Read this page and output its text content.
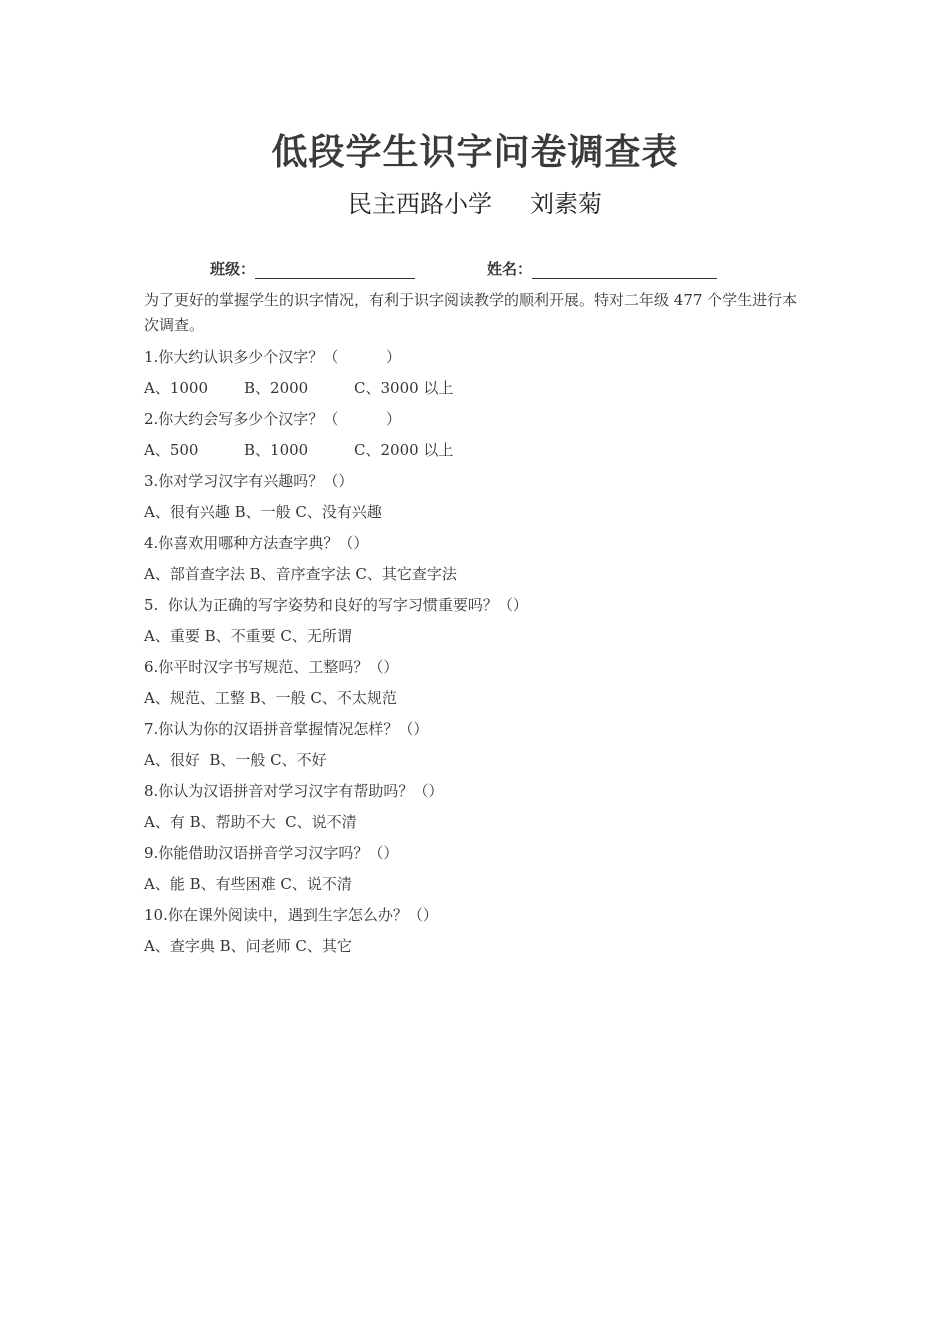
低段学生识字问卷调查表
民主西路小学 刘素菊
班级：	姓名：

为了更好的掌握学生的识字情况，有利于识字阅读教学的顺利开展。特对二年级 477 个学生进行本次调查。

1.你大约认识多少个汉字？（          ）
A、1000 B、2000	C、3000 以上
2.你大约会写多少个汉字？（          ）
A、500	B、1000	C、2000 以上
3.你对学习汉字有兴趣吗？（）
A、很有兴趣 B、一般 C、没有兴趣
4.你喜欢用哪种方法查字典？（）
A、部首查字法 B、音序查字法 C、其它查字法
5.  你认为正确的写字姿势和良好的写字习惯重要吗？（）
A、重要 B、不重要 C、无所谓
6.你平时汉字书写规范、工整吗？（）
A、规范、工整 B、一般 C、不太规范
7.你认为你的汉语拼音掌握情况怎样？（）
A、很好  B、一般 C、不好
8.你认为汉语拼音对学习汉字有帮助吗？（）
A、有 B、帮助不大  C、说不清
9.你能借助汉语拼音学习汉字吗？（）
A、能 B、有些困难 C、说不清
10.你在课外阅读中，遇到生字怎么办？（）
A、查字典 B、问老师 C、其它
